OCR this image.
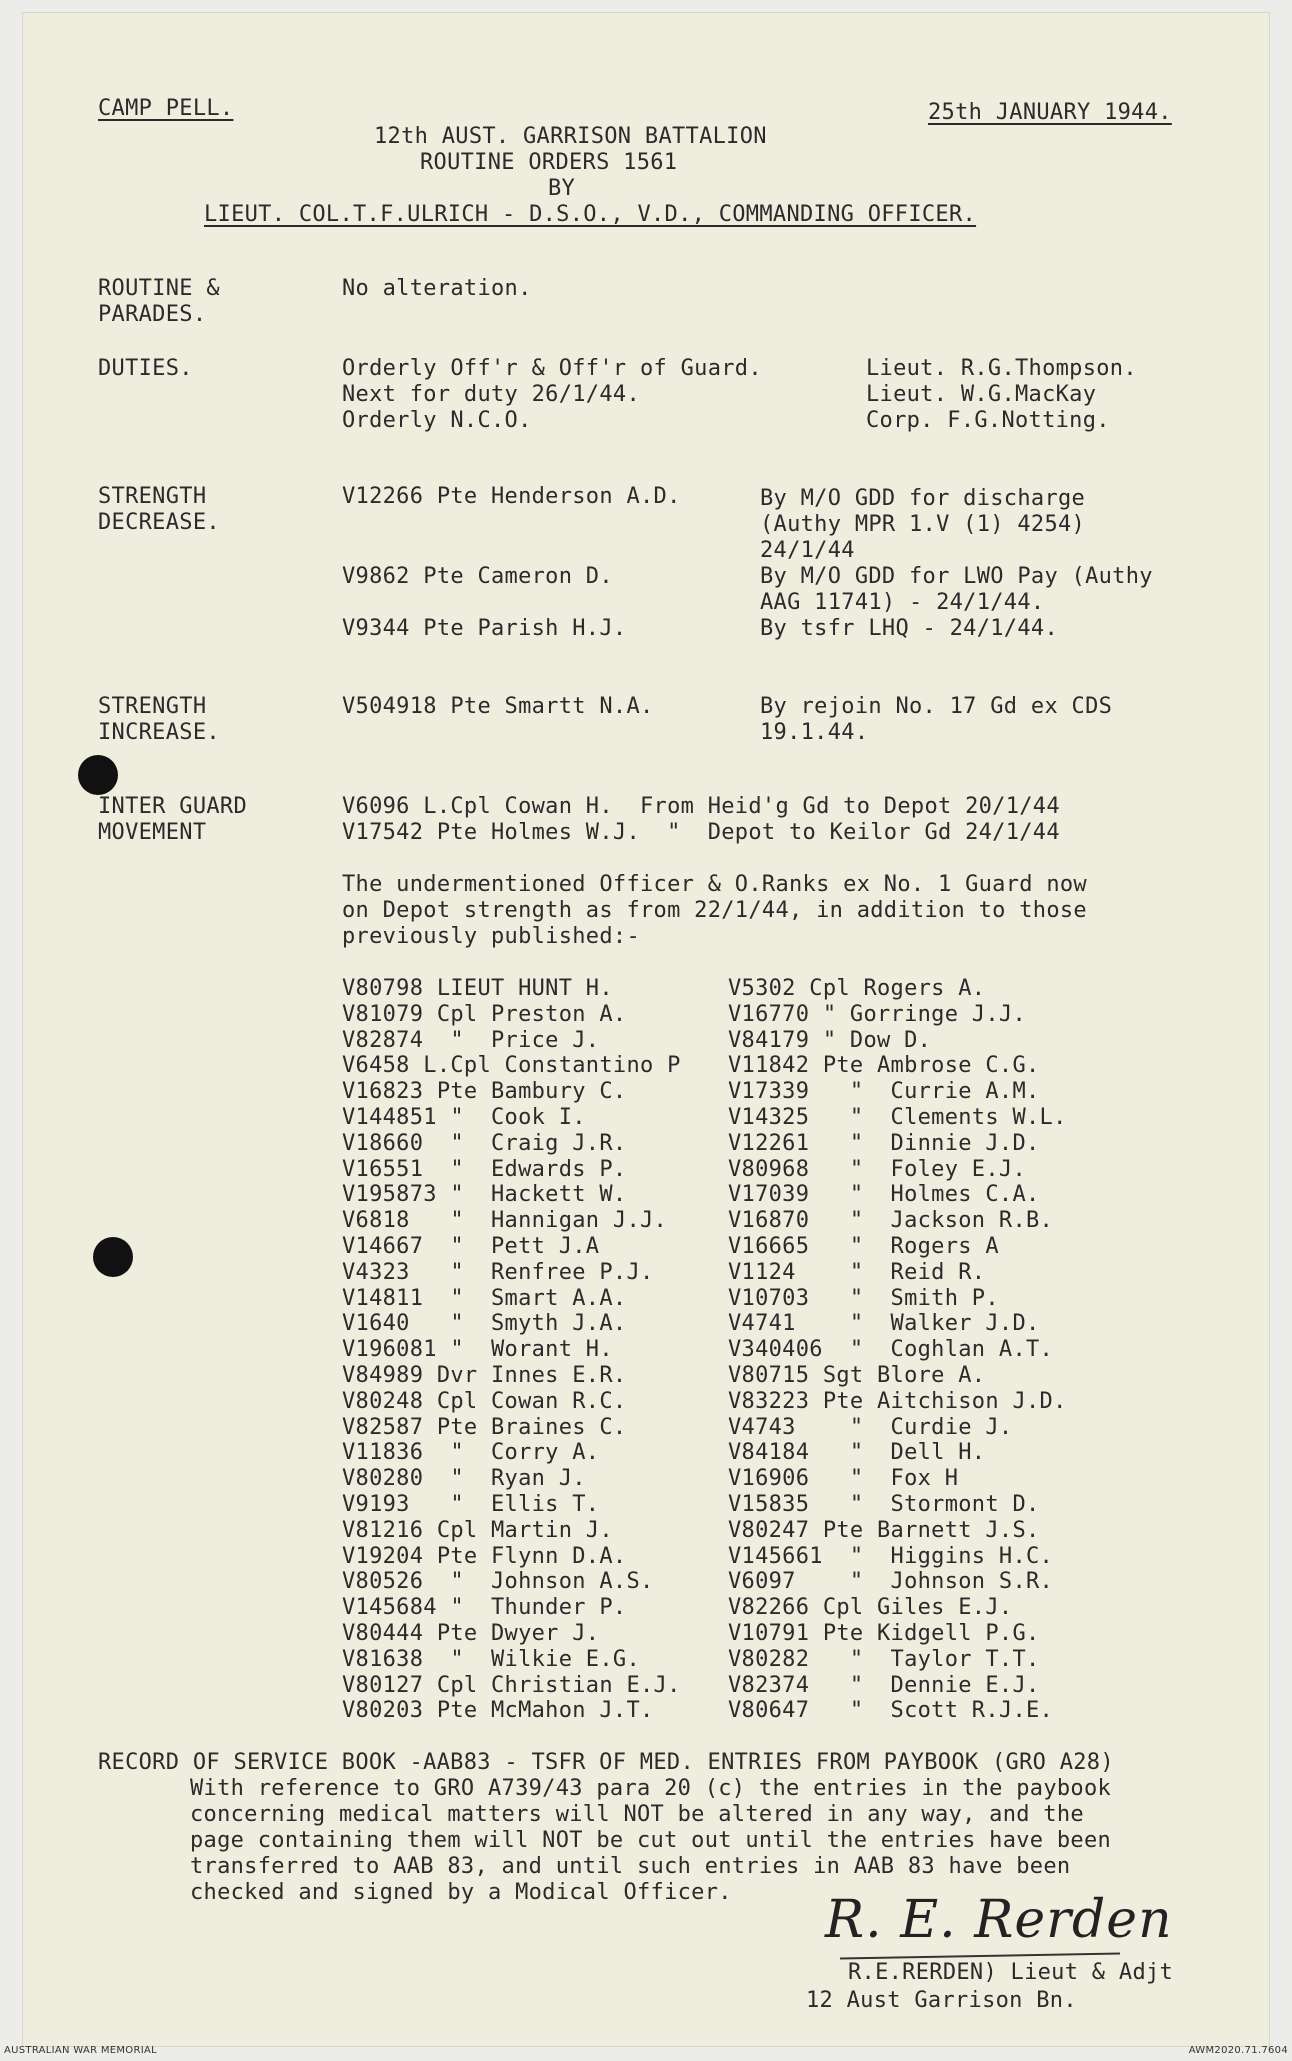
CAMP PELL.	25th JANUARY 1944.
12th AUST. GARRISON BATTALION
ROUTINE ORDERS 1561
BY
LIEUT. COL.T.F.ULRICH - D.S.O., V.D., COMMANDING OFFICER.
ROUTINE &
PARADES.
No alteration.
DUTIES.	Orderly Off'r & Off'r of Guard.	Lieut. R.G.Thompson.
Next for duty 26/1/44.	Lieut. W.G.MacKay
Orderly N.C.O.	Corp. F.G.Notting.
STRENGTH
DECREASE.
V12266 Pte Henderson A.D.	By M/O GDD for discharge
(Authy MPR 1.V (1) 4254)
24/1/44
V9862 Pte Cameron D.	By M/O GDD for LWO Pay (Authy
AAG 11741) - 24/1/44.
V9344 Pte Parish H.J.	By tsfr LHQ - 24/1/44.
STRENGTH
INCREASE.
V504918 Pte Smartt N.A.	By rejoin No. 17 Gd ex CDS
19.1.44.
INTER GUARD
MOVEMENT
V6096 L.Cpl Cowan H.  From Heid'g Gd to Depot 20/1/44
V17542 Pte Holmes W.J.  "  Depot to Keilor Gd 24/1/44
The undermentioned Officer & O.Ranks ex No. 1 Guard now
on Depot strength as from 22/1/44, in addition to those
previously published:-
V80798 LIEUT HUNT H.	V5302 Cpl Rogers A.
V81079 Cpl Preston A.	V16770 " Gorringe J.J.
V82874  "  Price J.	V84179 " Dow D.
V6458 L.Cpl Constantino P V11842 Pte Ambrose C.G.
V16823 Pte Bambury C.	V17339   "  Currie A.M.
V144851 "  Cook I.	V14325   "  Clements W.L.
V18660  "  Craig J.R.	V12261   "  Dinnie J.D.
V16551  "  Edwards P.	V80968   "  Foley E.J.
V195873 "  Hackett W.	V17039   "  Holmes C.A.
V6818   "  Hannigan J.J.	V16870   "  Jackson R.B.
V14667  "  Pett J.A	V16665   "  Rogers A
V4323   "  Renfree P.J.	V1124    "  Reid R.
V14811  "  Smart A.A.	V10703   "  Smith P.
V1640   "  Smyth J.A.	V4741    "  Walker J.D.
V196081 "  Worant H.	V340406  "  Coghlan A.T.
V84989 Dvr Innes E.R.	V80715 Sgt Blore A.
V80248 Cpl Cowan R.C.	V83223 Pte Aitchison J.D.
V82587 Pte Braines C.	V4743    "  Curdie J.
V11836  "  Corry A.	V84184   "  Dell H.
V80280  "  Ryan J.	V16906   "  Fox H
V9193   "  Ellis T.	V15835   "  Stormont D.
V81216 Cpl Martin J.	V80247 Pte Barnett J.S.
V19204 Pte Flynn D.A.	V145661  "  Higgins H.C.
V80526  "  Johnson A.S.	V6097    "  Johnson S.R.
V145684 "  Thunder P.	V82266 Cpl Giles E.J.
V80444 Pte Dwyer J.	V10791 Pte Kidgell P.G.
V81638  "  Wilkie E.G.	V80282   "  Taylor T.T.
V80127 Cpl Christian E.J. V82374   "  Dennie E.J.
V80203 Pte McMahon J.T.	V80647   "  Scott R.J.E.
RECORD OF SERVICE BOOK -AAB83 - TSFR OF MED. ENTRIES FROM PAYBOOK (GRO A28)
With reference to GRO A739/43 para 20 (c) the entries in the paybook
concerning medical matters will NOT be altered in any way, and the
page containing them will NOT be cut out until the entries have been
transferred to AAB 83, and until such entries in AAB 83 have been
checked and signed by a Modical Officer. R. E. Rerden
R.E.RERDEN) Lieut & Adjt
12 Aust Garrison Bn.
AUSTRALIAN WAR MEMORIAL	AWM2020.71.7604
